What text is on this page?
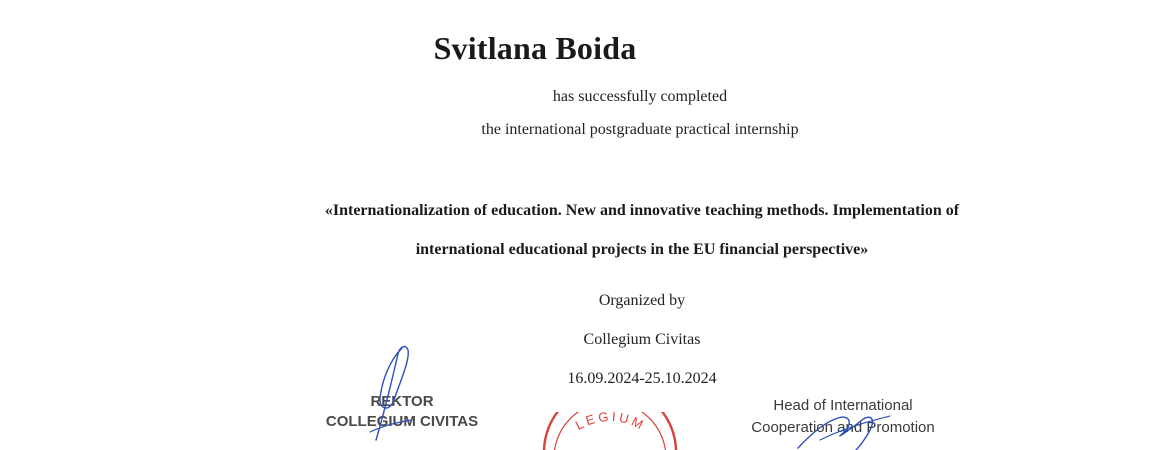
Svitlana Boida
has successfully completed
the international postgraduate practical internship
«Internationalization of education. New and innovative teaching methods. Implementation of
international educational projects in the EU financial perspective»
Organized by
Collegium Civitas
16.09.2024-25.10.2024
REKTOR
COLLEGIUM CIVITAS	LEGIUM
Head of International
Cooperation and Promotion
